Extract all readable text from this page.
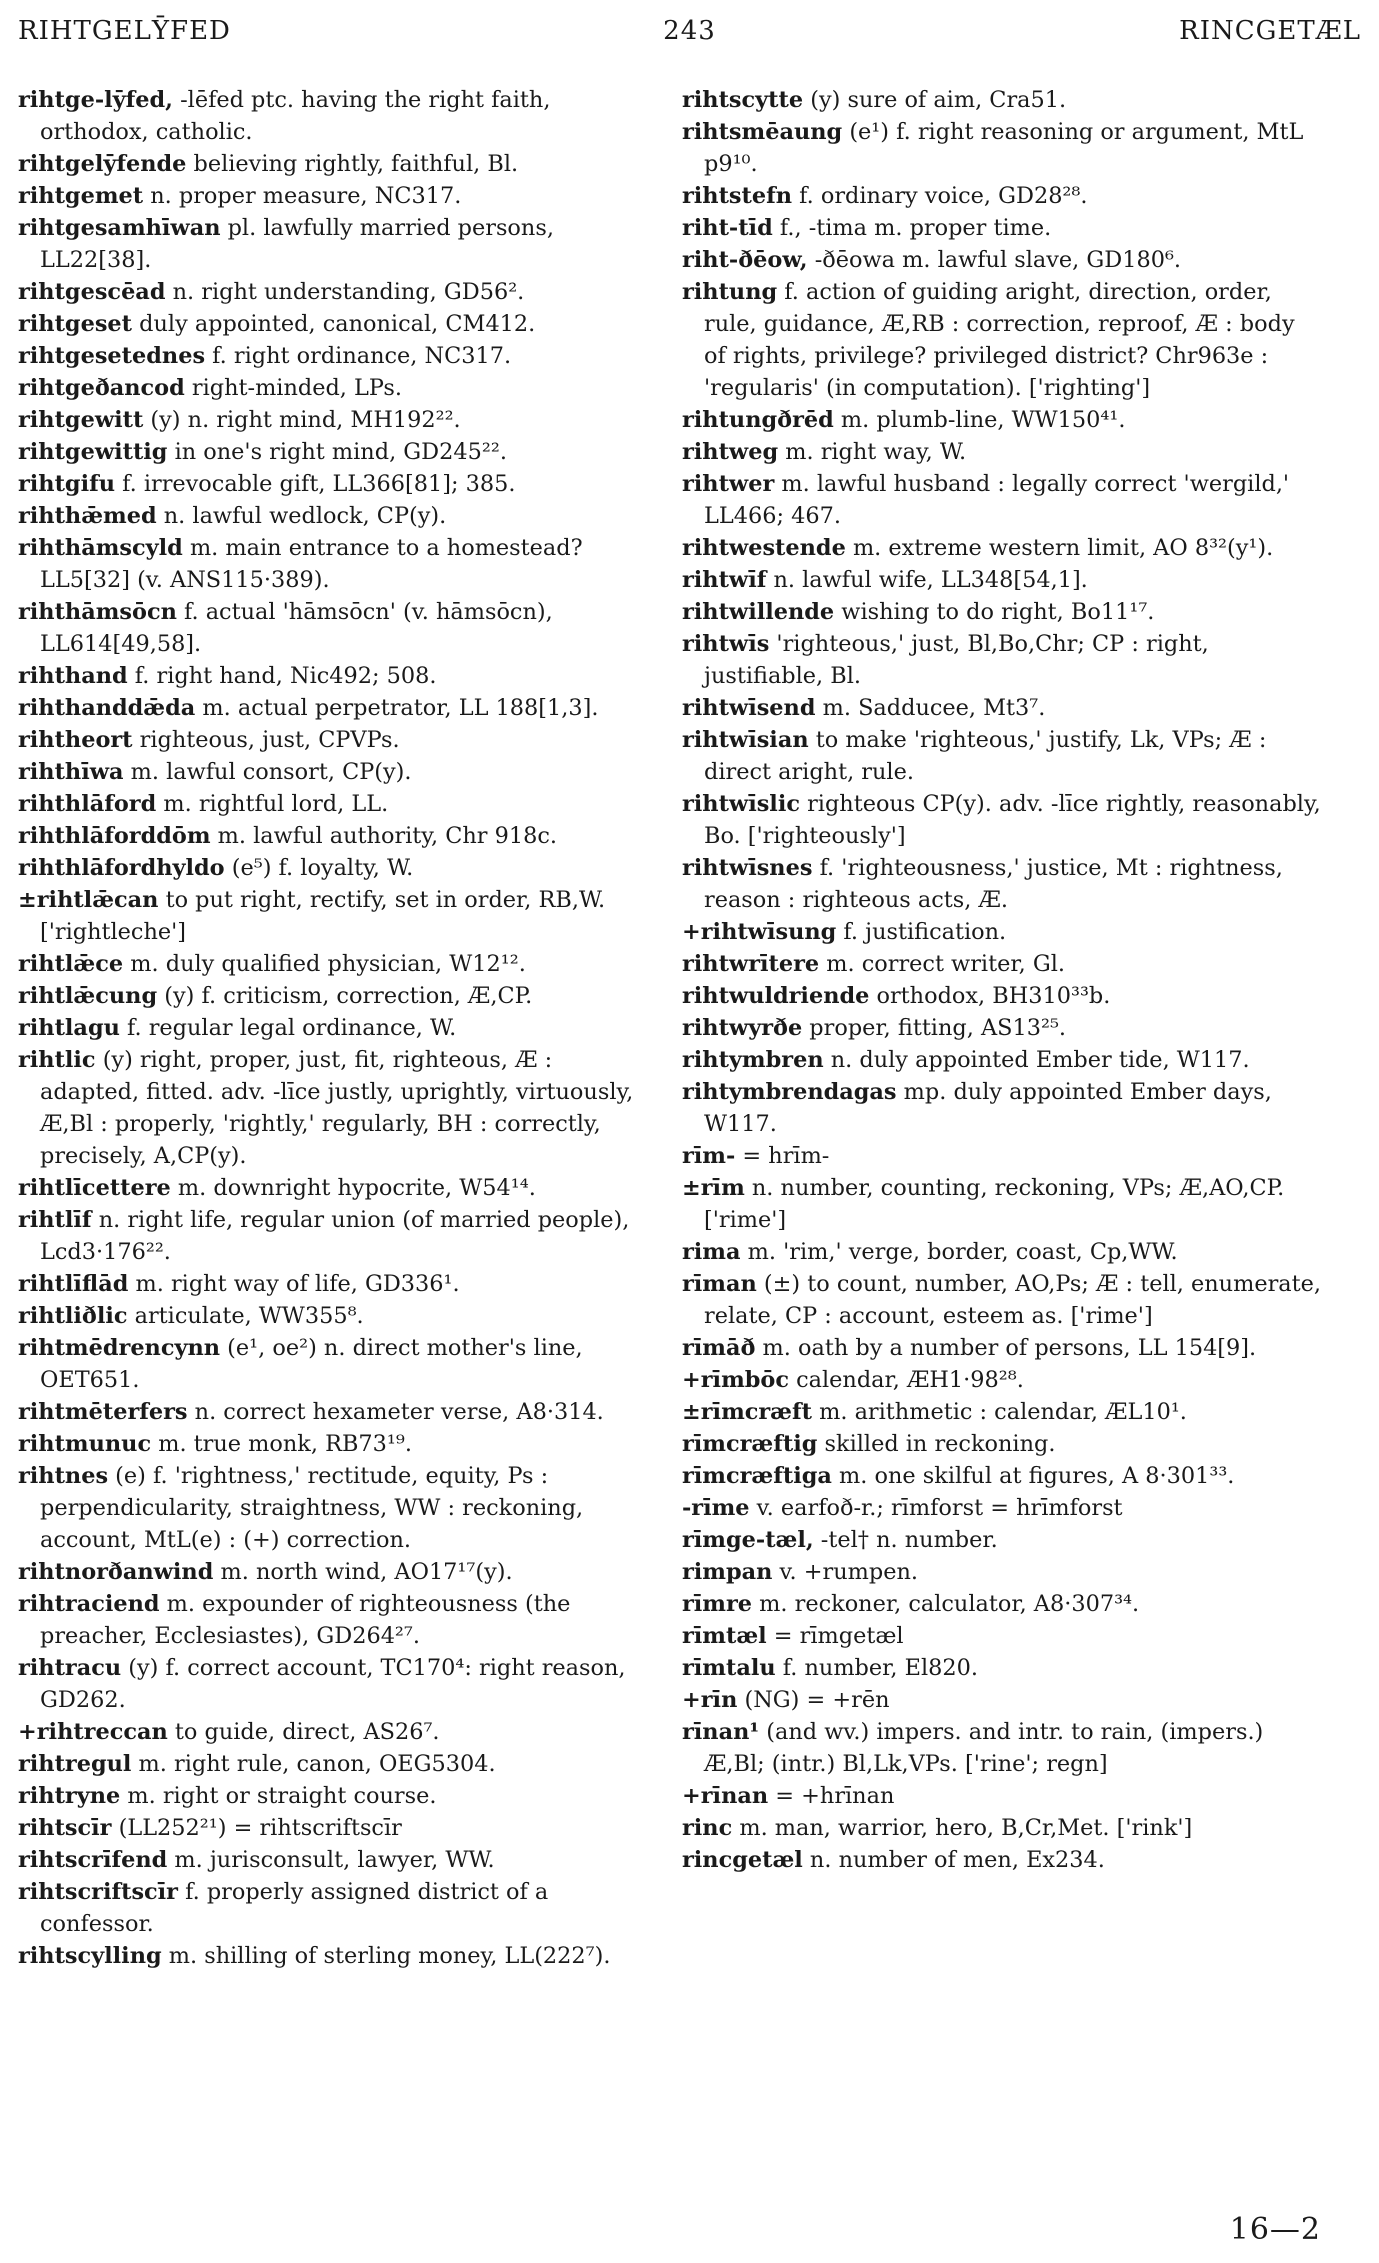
RIHTGELȲFED	243	RINCGETÆL
rihtge-lȳfed, -lēfed ptc. having the right faith, orthodox, catholic.
rihtgelȳfende believing rightly, faithful, Bl.
rihtgemet n. proper measure, NC317.
rihtgesamhīwan pl. lawfully married persons, LL22[38].
rihtgescēad n. right understanding, GD56².
rihtgeset duly appointed, canonical, CM412.
rihtgesetednes f. right ordinance, NC317.
rihtgeðancod right-minded, LPs.
rihtgewitt (y) n. right mind, MH192²².
rihtgewittig in one's right mind, GD245²².
rihtgifu f. irrevocable gift, LL366[81]; 385.
rihthǣmed n. lawful wedlock, CP(y).
rihthāmscyld m. main entrance to a homestead? LL5[32] (v. ANS115·389).
rihthāmsōcn f. actual 'hāmsōcn' (v. hāmsōcn), LL614[49,58].
rihthand f. right hand, Nic492; 508.
rihthanddǣda m. actual perpetrator, LL 188[1,3].
rihtheort righteous, just, CPVPs.
rihthīwa m. lawful consort, CP(y).
rihthlāford m. rightful lord, LL.
rihthlāforddōm m. lawful authority, Chr 918c.
rihthlāfordhyldo (e⁵) f. loyalty, W.
±rihtlǣcan to put right, rectify, set in order, RB,W. ['rightleche']
rihtlǣce m. duly qualified physician, W12¹².
rihtlǣcung (y) f. criticism, correction, Æ,CP.
rihtlagu f. regular legal ordinance, W.
rihtlic (y) right, proper, just, fit, righteous, Æ : adapted, fitted. adv. -līce justly, uprightly, virtuously, Æ,Bl : properly, 'rightly,' regularly, BH : correctly, precisely, A,CP(y).
rihtlīcettere m. downright hypocrite, W54¹⁴.
rihtlīf n. right life, regular union (of married people), Lcd3·176²².
rihtlīflād m. right way of life, GD336¹.
rihtliðlic articulate, WW355⁸.
rihtmēdrencynn (e¹, oe²) n. direct mother's line, OET651.
rihtmēterfers n. correct hexameter verse, A8·314.
rihtmunuc m. true monk, RB73¹⁹.
rihtnes (e) f. 'rightness,' rectitude, equity, Ps : perpendicularity, straightness, WW : reckoning, account, MtL(e) : (+) correction.
rihtnorðanwind m. north wind, AO17¹⁷(y).
rihtraciend m. expounder of righteousness (the preacher, Ecclesiastes), GD264²⁷.
rihtracu (y) f. correct account, TC170⁴: right reason, GD262.
+rihtreccan to guide, direct, AS26⁷.
rihtregul m. right rule, canon, OEG5304.
rihtryne m. right or straight course.
rihtscīr (LL252²¹) = rihtscriftscīr
rihtscrīfend m. jurisconsult, lawyer, WW.
rihtscriftscīr f. properly assigned district of a confessor.
rihtscylling m. shilling of sterling money, LL(222⁷).
rihtscytte (y) sure of aim, Cra51.
rihtsmēaung (e¹) f. right reasoning or argument, MtL p9¹⁰.
rihtstefn f. ordinary voice, GD28²⁸.
riht-tīd f., -tima m. proper time.
riht-ðēow, -ðēowa m. lawful slave, GD180⁶.
rihtung f. action of guiding aright, direction, order, rule, guidance, Æ,RB : correction, reproof, Æ : body of rights, privilege? privileged district? Chr963e : 'regularis' (in computation). ['righting']
rihtungðrēd m. plumb-line, WW150⁴¹.
rihtweg m. right way, W.
rihtwer m. lawful husband : legally correct 'wergild,' LL466; 467.
rihtwestende m. extreme western limit, AO 8³²(y¹).
rihtwīf n. lawful wife, LL348[54,1].
rihtwillende wishing to do right, Bo11¹⁷.
rihtwīs 'righteous,' just, Bl,Bo,Chr; CP : right, justifiable, Bl.
rihtwīsend m. Sadducee, Mt3⁷.
rihtwīsian to make 'righteous,' justify, Lk, VPs; Æ : direct aright, rule.
rihtwīslic righteous CP(y). adv. -līce rightly, reasonably, Bo. ['righteously']
rihtwīsnes f. 'righteousness,' justice, Mt : rightness, reason : righteous acts, Æ.
+rihtwīsung f. justification.
rihtwrītere m. correct writer, Gl.
rihtwuldriende orthodox, BH310³³b.
rihtwyrðe proper, fitting, AS13²⁵.
rihtymbren n. duly appointed Ember tide, W117.
rihtymbrendagas mp. duly appointed Ember days, W117.
rīm- = hrīm-
±rīm n. number, counting, reckoning, VPs; Æ,AO,CP. ['rime']
rima m. 'rim,' verge, border, coast, Cp,WW.
rīman (±) to count, number, AO,Ps; Æ : tell, enumerate, relate, CP : account, esteem as. ['rime']
rīmāð m. oath by a number of persons, LL 154[9].
+rīmbōc calendar, ÆH1·98²⁸.
±rīmcræft m. arithmetic : calendar, ÆL10¹.
rīmcræftig skilled in reckoning.
rīmcræftiga m. one skilful at figures, A 8·301³³.
-rīme v. earfoð-r.; rīmforst = hrīmforst
rīmge-tæl, -tel† n. number.
rimpan v. +rumpen.
rīmre m. reckoner, calculator, A8·307³⁴.
rīmtæl = rīmgetæl
rīmtalu f. number, El820.
+rīn (NG) = +rēn
rīnan¹ (and wv.) impers. and intr. to rain, (impers.) Æ,Bl; (intr.) Bl,Lk,VPs. ['rine'; regn]
+rīnan = +hrīnan
rinc m. man, warrior, hero, B,Cr,Met. ['rink']
rincgetæl n. number of men, Ex234.
16—2
